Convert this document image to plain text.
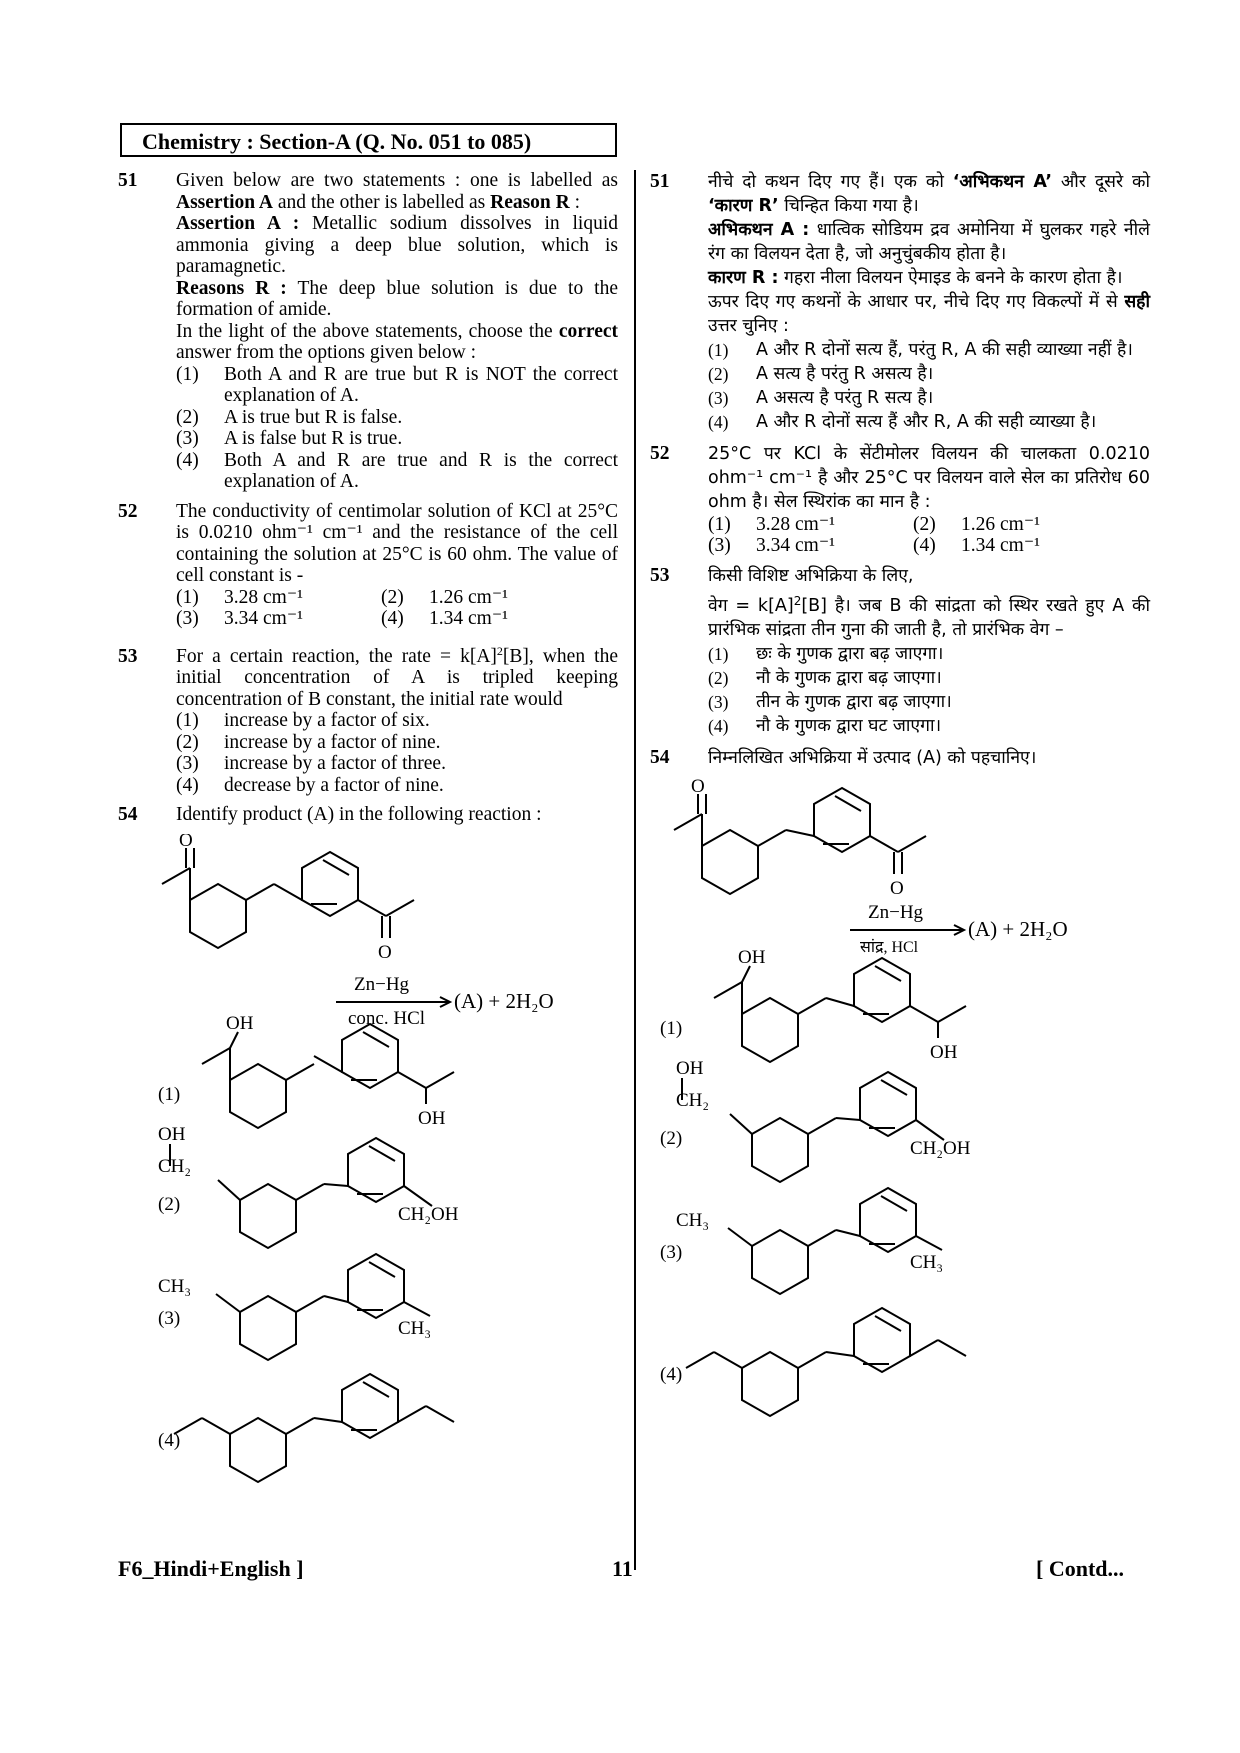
Chemistry : Section-A (Q. No. 051 to 085)
51	Given below are two statements : one is labelled as Assertion A and the other is labelled as Reason R :

Assertion A : Metallic sodium dissolves in liquid ammonia giving a deep blue solution, which is paramagnetic.

Reasons R : The deep blue solution is due to the formation of amide.

In the light of the above statements, choose the correct answer from the options given below :

(1)	Both A and R are true but R is NOT the correct explanation of A.
(2)	A is true but R is false.
(3)	A is false but R is true.
(4)	Both A and R are true and R is the correct explanation of A.
52	The conductivity of centimolar solution of KCl at 25°C is 0.0210 ohm⁻¹ cm⁻¹ and the resistance of the cell containing the solution at 25°C is 60 ohm. The value of cell constant is -

(1)	3.28 cm⁻¹	(2)	1.26 cm⁻¹
(3)	3.34 cm⁻¹	(4)	1.34 cm⁻¹
53	For a certain reaction, the rate = $k[A]^2[B]$, when the initial concentration of A is tripled keeping concentration of B constant, the initial rate would

(1)	increase by a factor of six.
(2)	increase by a factor of nine.
(3)	increase by a factor of three.
(4)	decrease by a factor of nine.
54	Identify product (A) in the following reaction :

O
O
Zn−Hg
conc. HCl
(A) + 2H₂O
OH
OH
(1)
OH
CH₂
(2)	CH₂OH
CH₃
(3)	CH₃
(4)
51	नीचे दो कथन दिए गए हैं। एक को ‘अभिकथन A’ और दूसरे को ‘कारण R’ चिन्हित किया गया है।

अभिकथन A : धात्विक सोडियम द्रव अमोनिया में घुलकर गहरे नीले रंग का विलयन देता है, जो अनुचुंबकीय होता है।

कारण R : गहरा नीला विलयन ऐमाइड के बनने के कारण होता है।

ऊपर दिए गए कथनों के आधार पर, नीचे दिए गए विकल्पों में से सही उत्तर चुनिए :

(1)	A और R दोनों सत्य हैं, परंतु R, A की सही व्याख्या नहीं है।
(2)	A सत्य है परंतु R असत्य है।
(3)	A असत्य है परंतु R सत्य है।
(4)	A और R दोनों सत्य हैं और R, A की सही व्याख्या है।
52	25°C पर KCl के सेंटीमोलर विलयन की चालकता 0.0210 ohm⁻¹ cm⁻¹ है और 25°C पर विलयन वाले सेल का प्रतिरोध 60 ohm है। सेल स्थिरांक का मान है :

(1)	3.28 cm⁻¹	(2)	1.26 cm⁻¹
(3)	3.34 cm⁻¹	(4)	1.34 cm⁻¹
53	किसी विशिष्ट अभिक्रिया के लिए,

वेग = $k[A]^2[B]$ है। जब B की सांद्रता को स्थिर रखते हुए A की प्रारंभिक सांद्रता तीन गुना की जाती है, तो प्रारंभिक वेग –

(1)	छः के गुणक द्वारा बढ़ जाएगा।
(2)	नौ के गुणक द्वारा बढ़ जाएगा।
(3)	तीन के गुणक द्वारा बढ़ जाएगा।
(4)	नौ के गुणक द्वारा घट जाएगा।
54	निम्नलिखित अभिक्रिया में उत्पाद (A) को पहचानिए।

O
O
Zn−Hg
सांद्र, HCl
(A) + 2H₂O
OH
OH
(1)
OH
CH₂
(2)	CH₂OH
CH₃
(3)	CH₃
(4)
F6_Hindi+English ]	11	[ Contd...
